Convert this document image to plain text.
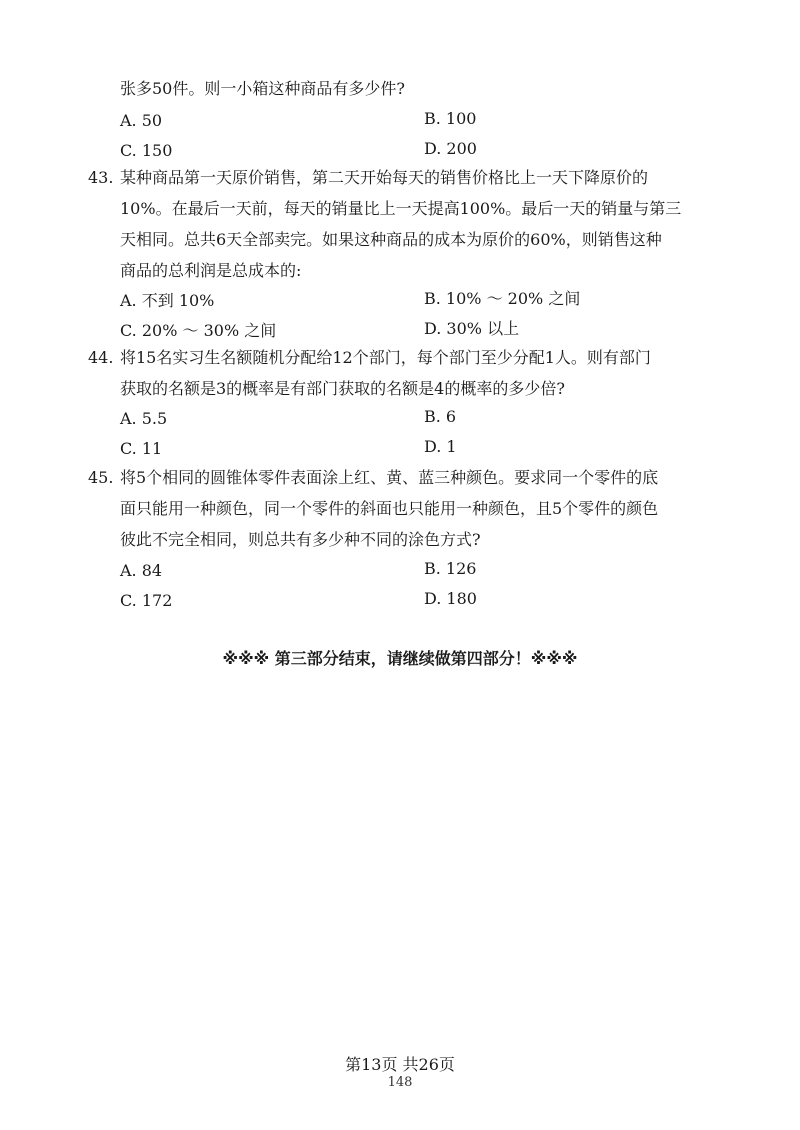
张多50件。则一小箱这种商品有多少件?
A. 50	B. 100
C. 150	D. 200
43. 某种商品第一天原价销售，第二天开始每天的销售价格比上一天下降原价的
10%。在最后一天前，每天的销量比上一天提高100%。最后一天的销量与第三
天相同。总共6天全部卖完。如果这种商品的成本为原价的60%，则销售这种
商品的总利润是总成本的:
A. 不到 10%	B. 10% ～ 20% 之间
C. 20% ～ 30% 之间	D. 30% 以上
44. 将15名实习生名额随机分配给12个部门，每个部门至少分配1人。则有部门
获取的名额是3的概率是有部门获取的名额是4的概率的多少倍?
A. 5.5	B. 6
C. 11	D. 1
45. 将5个相同的圆锥体零件表面涂上红、黄、蓝三种颜色。要求同一个零件的底
面只能用一种颜色，同一个零件的斜面也只能用一种颜色，且5个零件的颜色
彼此不完全相同，则总共有多少种不同的涂色方式?
A. 84	B. 126
C. 172	D. 180
※※※ 第三部分结束，请继续做第四部分！※※※
第13页 共26页
148
